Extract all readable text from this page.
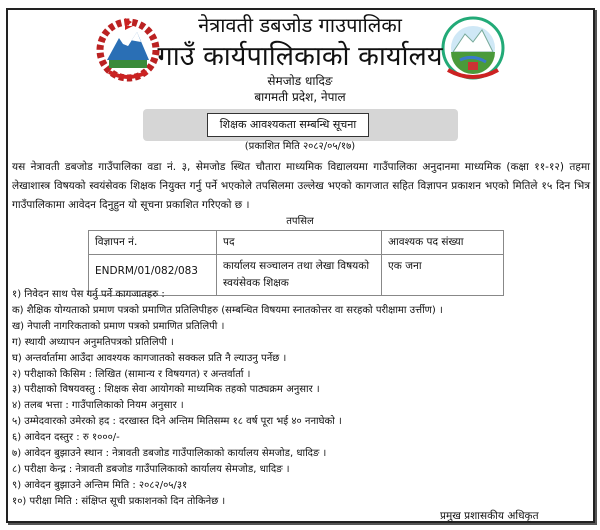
नेत्रावती डबजोड गाउपालिका
गाउँ कार्यपालिकाको कार्यालय
सेमजोड धादिङ
बागमती प्रदेश, नेपाल
शिक्षक आवश्यकता सम्बन्धि सूचना
(प्रकाशित मिति २०८२/०५/१७)
यस नेत्रावती डबजोड गाउँपालिका वडा नं. ३, सेमजोड स्थित चौतारा माध्यमिक विद्यालयमा गाउँपालिका अनुदानमा माध्यमिक (कक्षा ११-१२) तहमा लेखाशास्त्र विषयको स्वयंसेवक शिक्षक नियुक्त गर्नु पर्ने भएकोले तपसिलमा उल्लेख भएको कागजात सहित विज्ञापन प्रकाशन भएको मितिले १५ दिन भित्र गाउँपालिकामा आवेदन दिनुहुन यो सूचना प्रकाशित गरिएको छ ।
तपसिल
विज्ञापन नं.	पद	आवश्यक पद संख्या
ENDRM/01/082/083	कार्यालय सञ्चालन तथा लेखा विषयको स्वयंसेवक शिक्षक	एक जना
१) निवेदन साथ पेस गर्नु पर्ने कागजातहरु :
क) शैक्षिक योग्यताको प्रमाण पत्रको प्रमाणित प्रतिलिपीहरु (सम्बन्धित विषयमा स्नातकोत्तर वा सरहको परीक्षामा उर्त्तीण) ।
ख) नेपाली नागरिकताको प्रमाण पत्रको प्रमाणित प्रतिलिपी ।
ग) स्थायी अध्यापन अनुमतिपत्रको प्रतिलिपी ।
घ) अन्तर्वार्तामा आउँदा आवश्यक कागजातको सक्कल प्रति नै ल्याउनु पर्नेछ ।
२) परीक्षाको किसिम : लिखित (सामान्य र विषयगत) र अन्तर्वार्ता ।
३) परीक्षाको विषयवस्तु : शिक्षक सेवा आयोगको माध्यमिक तहको पाठ्यक्रम अनुसार ।
४) तलब भत्ता : गाउँपालिकाको नियम अनुसार ।
५) उम्मेदवारको उमेरको हद : दरखास्त दिने अन्तिम मितिसम्म १८ वर्ष पूरा भई ४० ननाघेको ।
६) आवेदन दस्तुर : रु १०००/-
७) आवेदन बुझाउने स्थान : नेत्रावती डबजोड गाउँपालिकाको कार्यालय सेमजोड, धादिङ ।
८) परीक्षा केन्द्र : नेत्रावती डबजोड गाउँपालिकाको कार्यालय सेमजोड, धादिङ ।
९) आवेदन बुझाउने अन्तिम मिति : २०८२/०५/३१
१०) परीक्षा मिति : संक्षिप्त सूची प्रकाशनको दिन तोकिनेछ ।
प्रमुख प्रशासकीय अधिकृत
